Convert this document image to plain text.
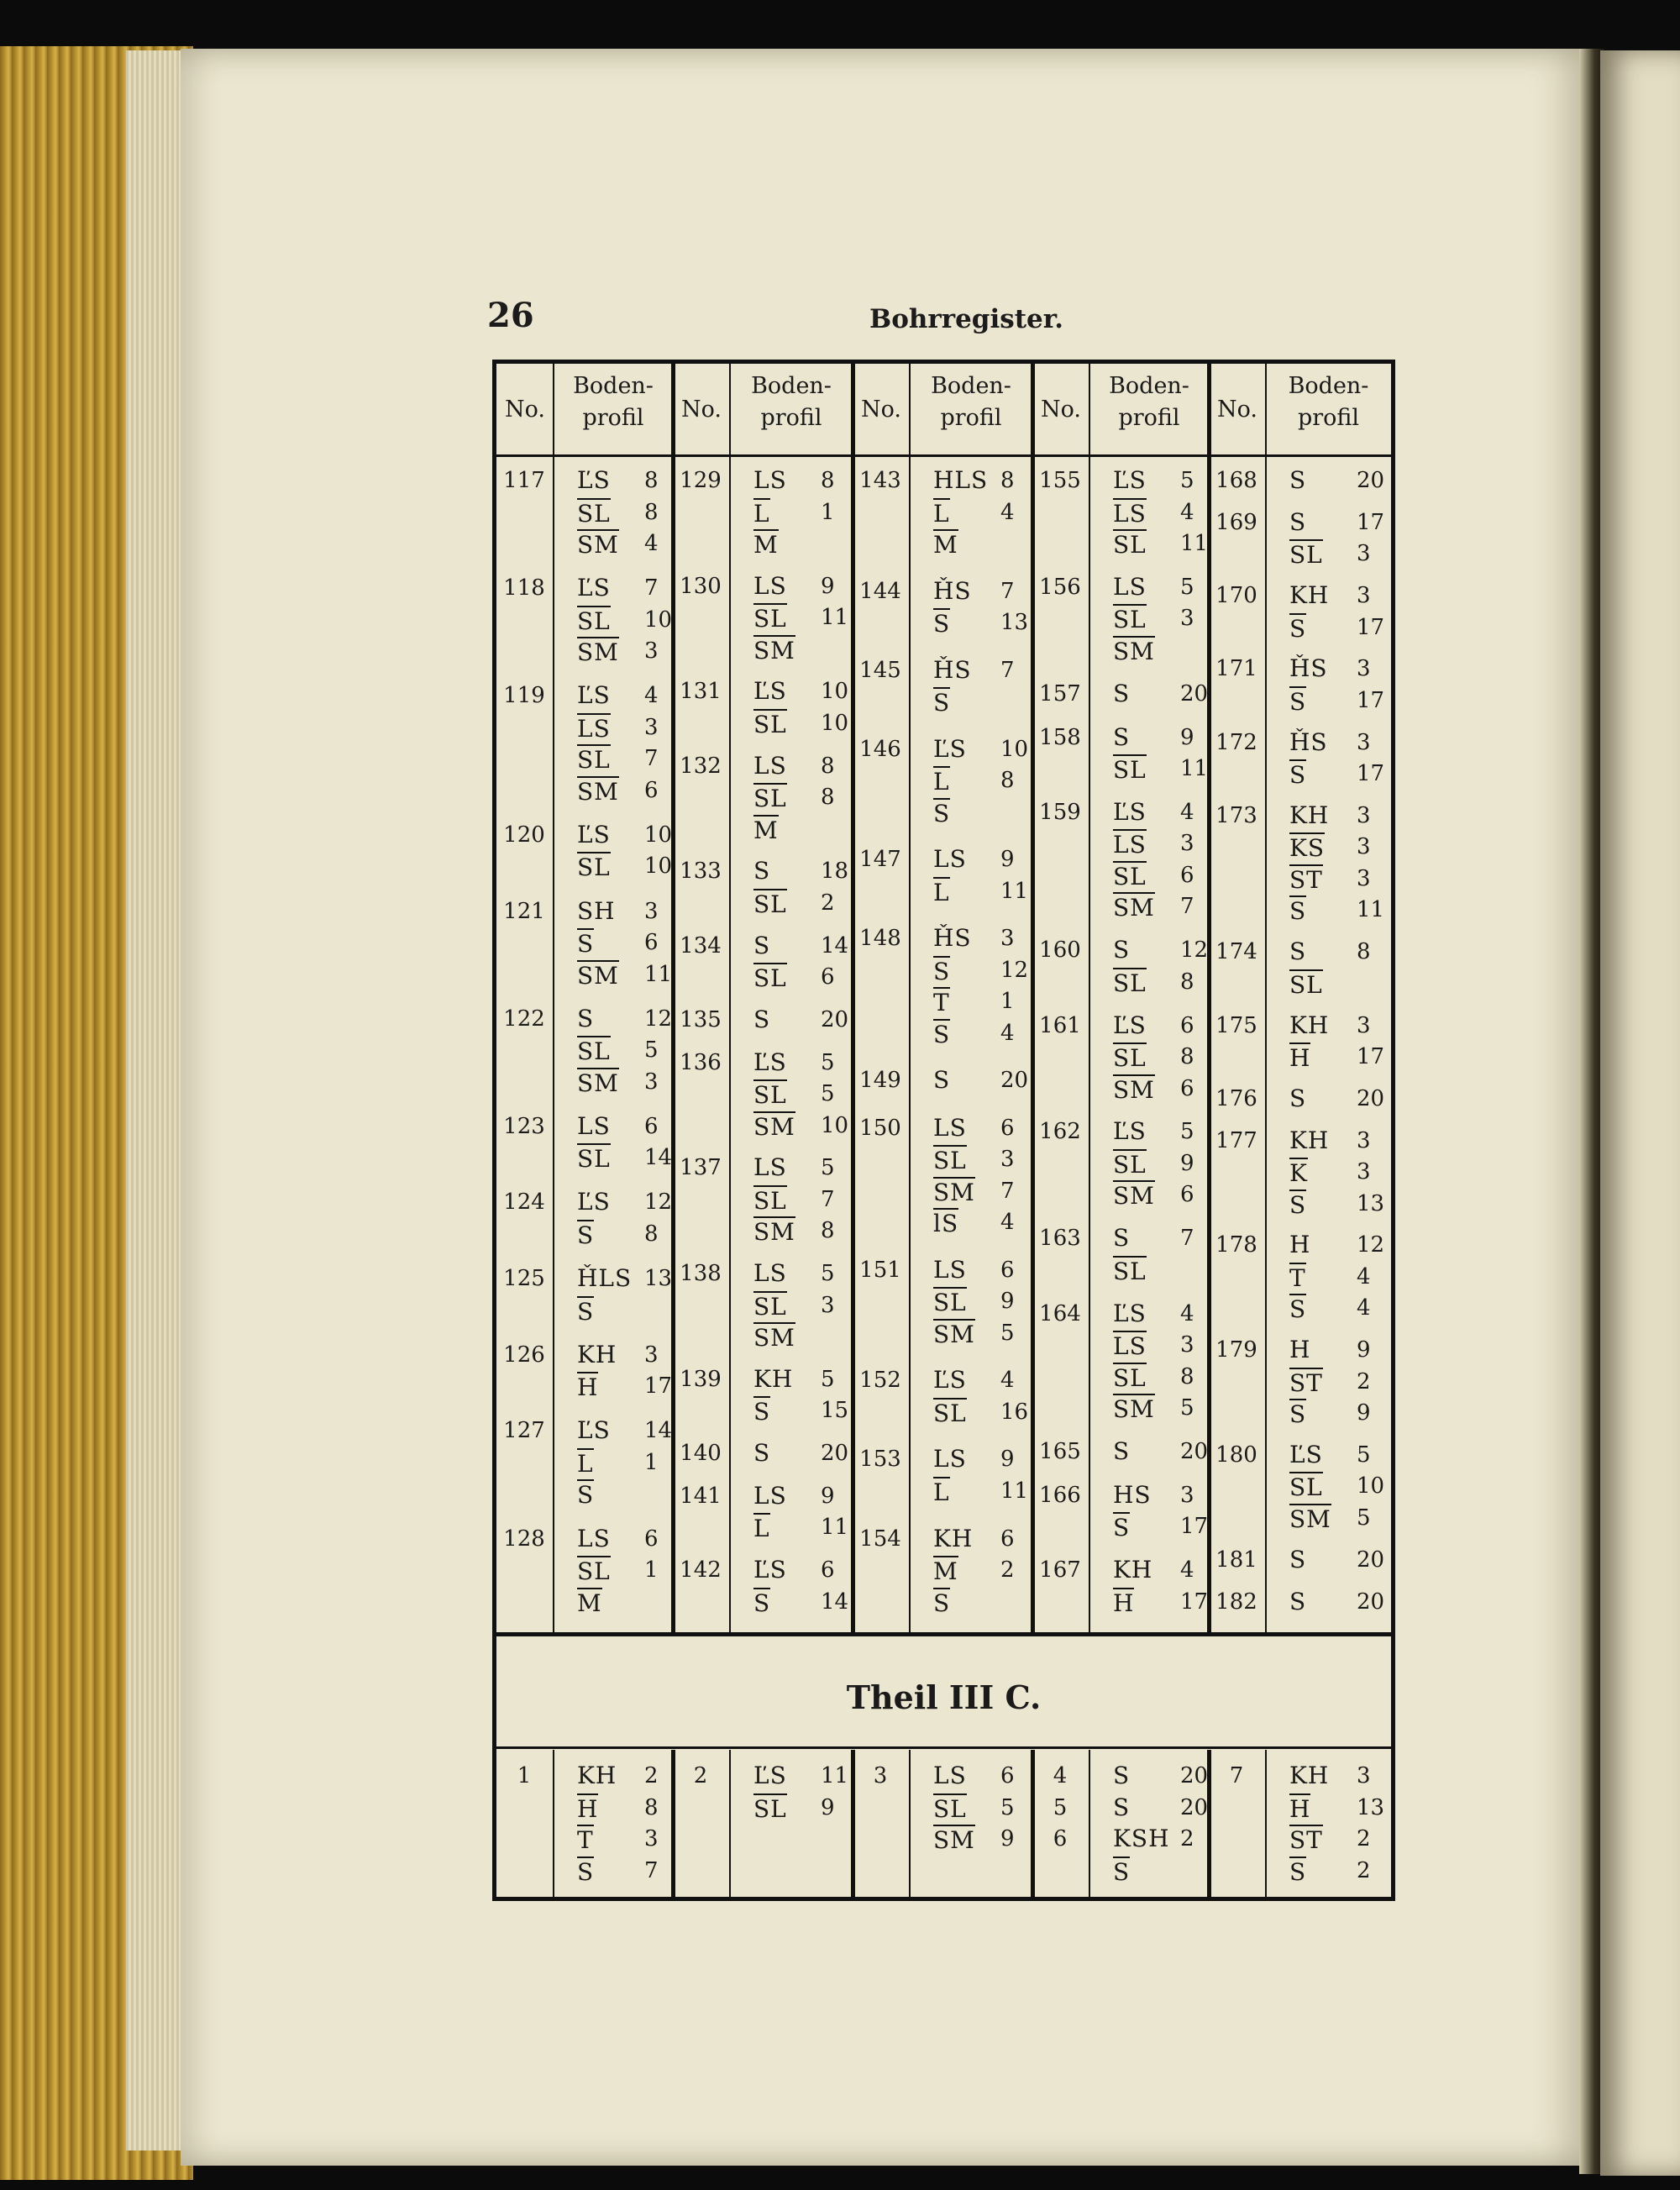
26	Bohrregister.
Theil III C.
No.
Boden-
profil	No.
Boden-
profil	No.
Boden-
profil	No.
Boden-
profil	No.
Boden-
profil
117 ĽS 8
SL 8
SM 4
118 ĽS 7
SL 10
SM 3
119 ĽS 4
LS 3
SL 7
SM 6
120 ĽS 10
SL 10
121 SH 3
S 6
SM 11
122 S 12
SL 5
SM 3
123 LS 6
SL 14
124 ĽS 12
S 8
125 ȞLS 13
S
126 KH 3
H 17
127 ĽS 14
L 1
S
128 LS 6
SL 1
M
129 LS 8
L 1
M
130 LS 9
SL 11
SM
131 ĽS 10
SL 10
132 LS 8
SL 8
M
133 S 18
SL 2
134 S 14
SL 6
135 S 20
136 ĽS 5
SL 5
SM 10
137 LS 5
SL 7
SM 8
138 LS 5
SL 3
SM
139 KH 5
S 15
140 S 20
141 LS 9
L 11
142 ĽS 6
S 14
143 HLS 8
L 4
M
144 ȞS 7
S 13
145 ȞS 7
S
146 ĽS 10
L 8
S
147 LS 9
L 11
148 ȞS 3
S 12
T 1
S 4
149 S 20
150 LS 6
SL 3
SM 7
lS 4
151 LS 6
SL 9
SM 5
152 ĽS 4
SL 16
153 LS 9
L 11
154 KH 6
M 2
S
155 ĽS 5
LS 4
SL 11
156 LS 5
SL 3
SM
157 S 20
158 S 9
SL 11
159 ĽS 4
LS 3
SL 6
SM 7
160 S 12
SL 8
161 ĽS 6
SL 8
SM 6
162 ĽS 5
SL 9
SM 6
163 S 7
SL
164 ĽS 4
LS 3
SL 8
SM 5
165 S 20
166 HS 3
S 17
167 KH 4
H 17
168 S 20
169 S 17
SL 3
170 KH 3
S 17
171 ȞS 3
S 17
172 ȞS 3
S 17
173 KH 3
KS 3
ST 3
S 11
174 S 8
SL
175 KH 3
H 17
176 S 20
177 KH 3
K 3
S 13
178 H 12
T 4
S 4
179 H 9
ST 2
S 9
180 ĽS 5
SL 10
SM 5
181 S 20
182 S 20
1	KH 2
H 8
T 3
S 7
2	ĽS 11
SL 9
3	LS 6
SL 5
SM 9
4	S 20
5	S 20
6	KSH 2
S
7	KH 3
H 13
ST 2
S 2
